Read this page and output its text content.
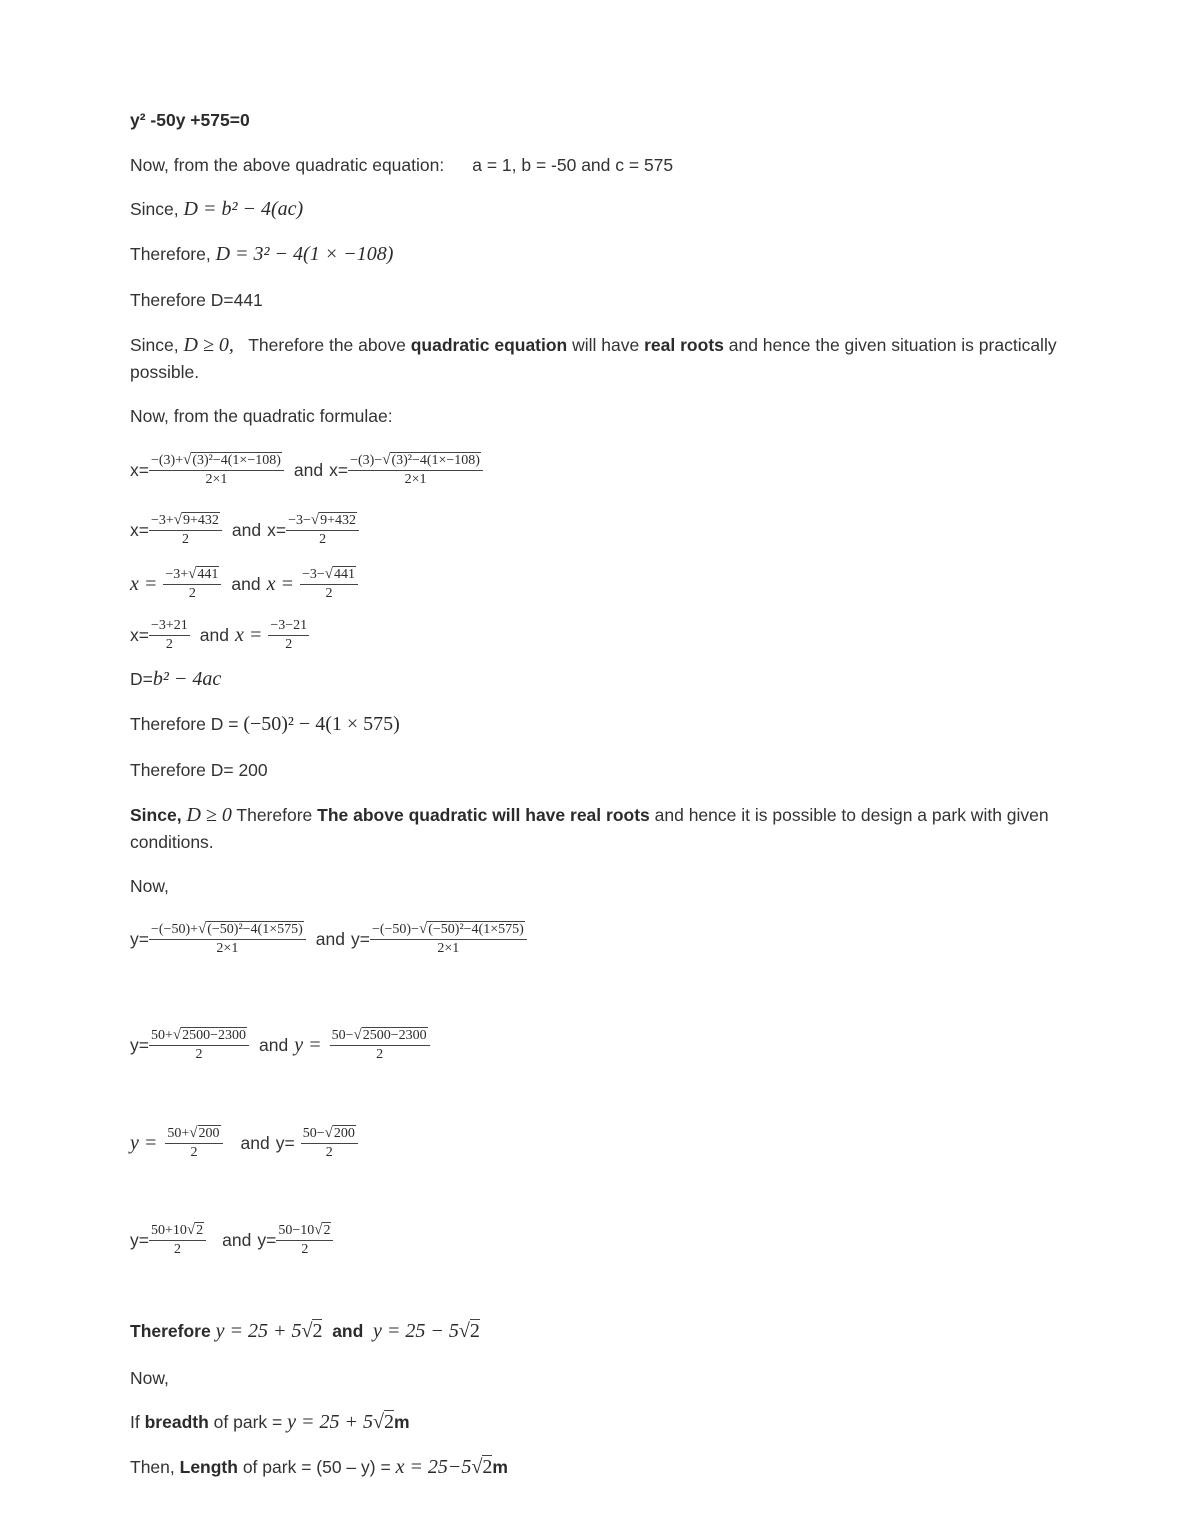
y² -50y +575=0
Now, from the above quadratic equation: a = 1, b = -50 and c = 575
Since, D = b² − 4(ac)
Therefore, D = 3² − 4(1 × −108)
Therefore D=441
Since, D ≥ 0, Therefore the above quadratic equation will have real roots and hence the given situation is practically possible.
Now, from the quadratic formulae:
$x= \frac{\text{−(3)+√(3)²−4(1×−108)}}{2\times 1}$ and $x= \frac{\text{−(3)−√(3)²−4(1×−108)}}{2\times 1}$
$x= \frac{-3+√9+432}{2}$ and $x= \frac{-3-√9+432}{2}$
$x = \frac{-3+√441}{2}$ and $x = \frac{-3-√441}{2}$
$x= \frac{-3+21}{2}$ and $x = \frac{-3-21}{2}$
D=b² − 4ac
Therefore D = (−50)² − 4(1 × 575)
Therefore D= 200
Since, D ≥ 0 Therefore The above quadratic will have real roots and hence it is possible to design a park with given conditions.
Now,
$y= \frac{\text{−(−50)+√(−50)²−4(1×575)}}{2\times 1}$ and $y= \frac{\text{−(−50)−√(−50)²−4(1×575)}}{2\times 1}$
$y= \frac{50+√2500-2300}{2}$ and $y = \frac{50-√2500-2300}{2}$
$y = \frac{50+√200}{2}$ and $y= \frac{50-√200}{2}$
$y= \frac{50+10√2}{2}$ and $y= \frac{50-10√2}{2}$
Therefore y = 25 + 5√2 and y = 25 − 5√2
Now,
If breadth of park = y = 25 + 5√2m
Then, Length of park = (50 – y) = x = 25−5√2m
